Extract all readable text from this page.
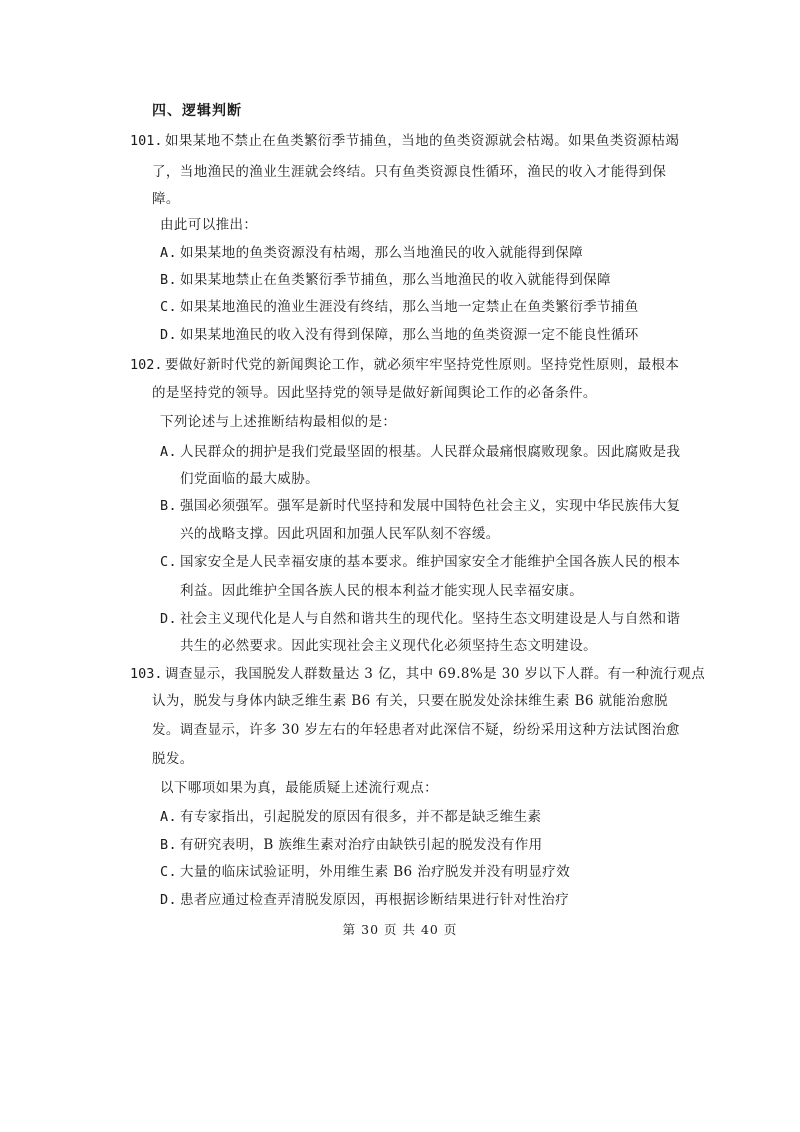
四、逻辑判断
101. 如果某地不禁止在鱼类繁衍季节捕鱼，当地的鱼类资源就会枯竭。如果鱼类资源枯竭
了，当地渔民的渔业生涯就会终结。只有鱼类资源良性循环，渔民的收入才能得到保
障。
由此可以推出：
A. 如果某地的鱼类资源没有枯竭，那么当地渔民的收入就能得到保障
B. 如果某地禁止在鱼类繁衍季节捕鱼，那么当地渔民的收入就能得到保障
C. 如果某地渔民的渔业生涯没有终结，那么当地一定禁止在鱼类繁衍季节捕鱼
D. 如果某地渔民的收入没有得到保障，那么当地的鱼类资源一定不能良性循环
102. 要做好新时代党的新闻舆论工作，就必须牢牢坚持党性原则。坚持党性原则，最根本
的是坚持党的领导。因此坚持党的领导是做好新闻舆论工作的必备条件。
下列论述与上述推断结构最相似的是：
A. 人民群众的拥护是我们党最坚固的根基。人民群众最痛恨腐败现象。因此腐败是我
们党面临的最大威胁。
B. 强国必须强军。强军是新时代坚持和发展中国特色社会主义，实现中华民族伟大复
兴的战略支撑。因此巩固和加强人民军队刻不容缓。
C. 国家安全是人民幸福安康的基本要求。维护国家安全才能维护全国各族人民的根本
利益。因此维护全国各族人民的根本利益才能实现人民幸福安康。
D. 社会主义现代化是人与自然和谐共生的现代化。坚持生态文明建设是人与自然和谐
共生的必然要求。因此实现社会主义现代化必须坚持生态文明建设。
103. 调查显示，我国脱发人群数量达 3 亿，其中 69.8%是 30 岁以下人群。有一种流行观点
认为，脱发与身体内缺乏维生素 B6 有关，只要在脱发处涂抹维生素 B6 就能治愈脱
发。调查显示，许多 30 岁左右的年轻患者对此深信不疑，纷纷采用这种方法试图治愈
脱发。
以下哪项如果为真，最能质疑上述流行观点：
A. 有专家指出，引起脱发的原因有很多，并不都是缺乏维生素
B. 有研究表明，B 族维生素对治疗由缺铁引起的脱发没有作用
C. 大量的临床试验证明，外用维生素 B6 治疗脱发并没有明显疗效
D. 患者应通过检查弄清脱发原因，再根据诊断结果进行针对性治疗
第 30 页 共 40 页
